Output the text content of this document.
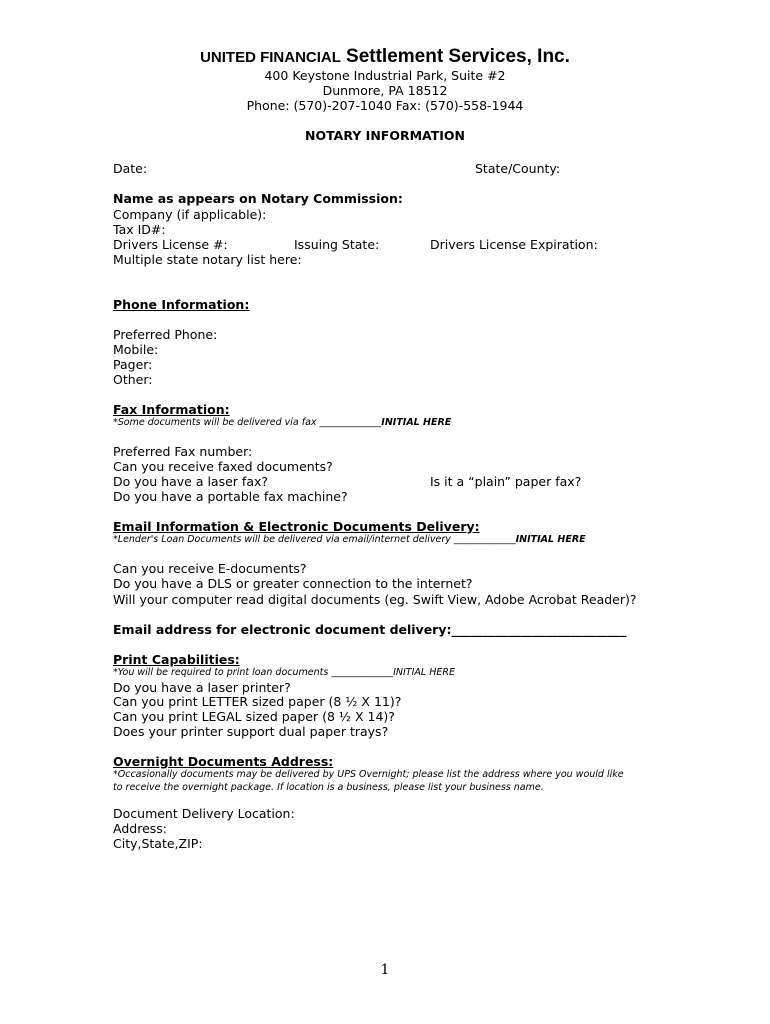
UNITED FINANCIAL Settlement Services, Inc.
400 Keystone Industrial Park, Suite #2
Dunmore, PA 18512
Phone: (570)-207-1040 Fax: (570)-558-1944
NOTARY INFORMATION
Date:	State/County:
Name as appears on Notary Commission:
Company (if applicable):
Tax ID#:
Drivers License #:	Issuing State:	Drivers License Expiration:
Multiple state notary list here:
Phone Information:
Preferred Phone:
Mobile:
Pager:
Other:
Fax Information:
*Some documents will be delivered via fax _____________INITIAL HERE
Preferred Fax number:
Can you receive faxed documents?
Do you have a laser fax?	Is it a “plain” paper fax?
Do you have a portable fax machine?
Email Information & Electronic Documents Delivery:
*Lender's Loan Documents will be delivered via email/internet delivery _____________INITIAL HERE
Can you receive E-documents?
Do you have a DLS or greater connection to the internet?
Will your computer read digital documents (eg. Swift View, Adobe Acrobat Reader)?
Email address for electronic document delivery:____________________________
Print Capabilities:
*You will be required to print loan documents _____________INITIAL HERE
Do you have a laser printer?
Can you print LETTER sized paper (8 ½ X 11)?
Can you print LEGAL sized paper (8 ½ X 14)?
Does your printer support dual paper trays?
Overnight Documents Address:
*Occasionally documents may be delivered by UPS Overnight; please list the address where you would like
to receive the overnight package. If location is a business, please list your business name.
Document Delivery Location:
Address:
City,State,ZIP:
1
